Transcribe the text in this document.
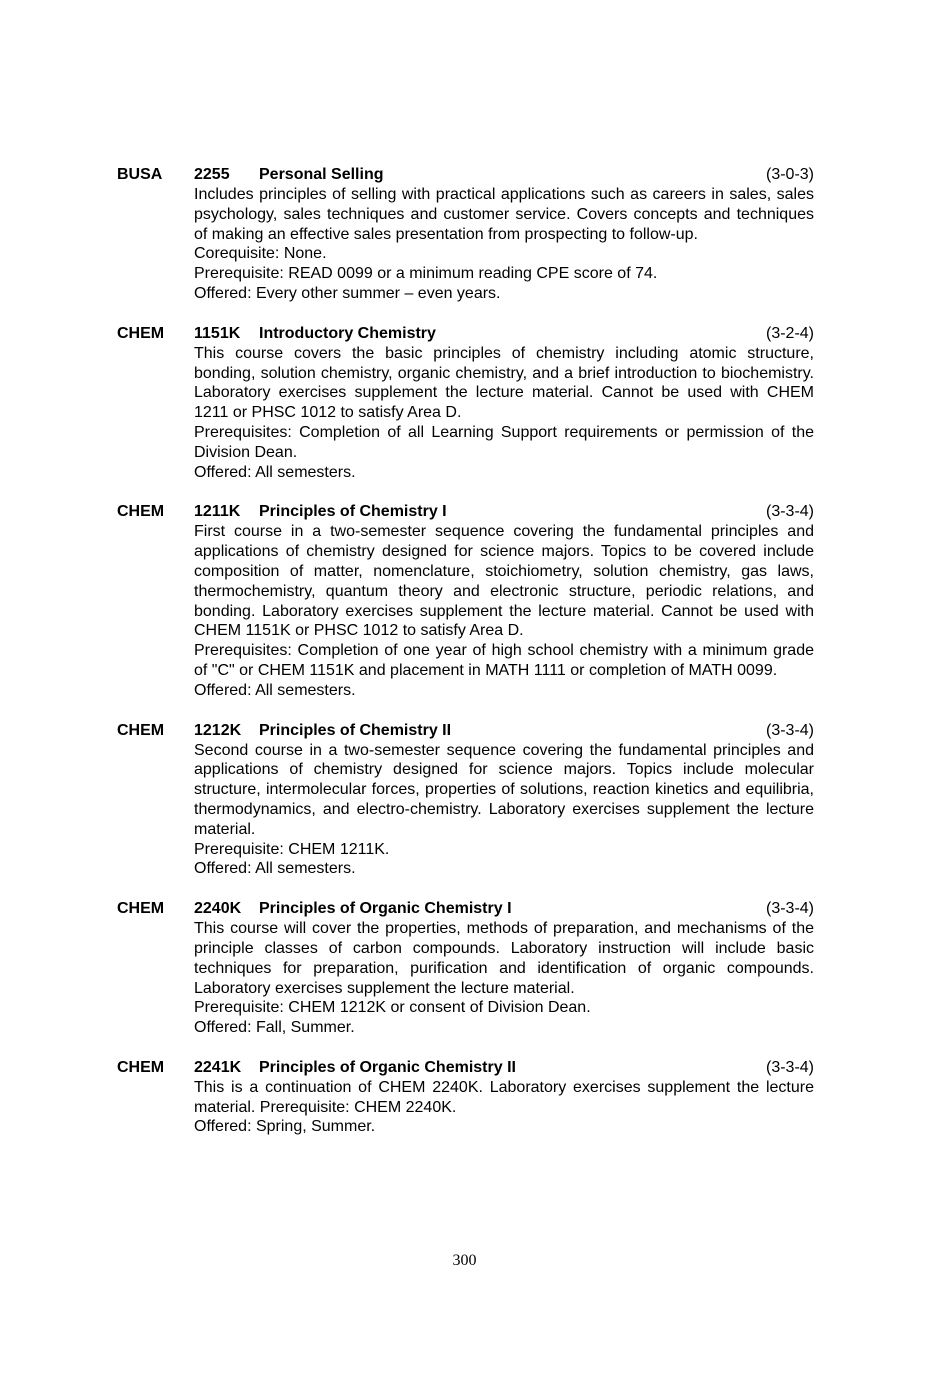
BUSA 2255 Personal Selling	(3-0-3)
Includes principles of selling with practical applications such as careers in sales, sales psychology, sales techniques and customer service. Covers concepts and techniques of making an effective sales presentation from prospecting to follow-up.
Corequisite: None.
Prerequisite: READ 0099 or a minimum reading CPE score of 74.
Offered: Every other summer – even years.
CHEM 1151K Introductory Chemistry	(3-2-4)
This course covers the basic principles of chemistry including atomic structure, bonding, solution chemistry, organic chemistry, and a brief introduction to biochemistry. Laboratory exercises supplement the lecture material. Cannot be used with CHEM 1211 or PHSC 1012 to satisfy Area D.
Prerequisites: Completion of all Learning Support requirements or permission of the Division Dean.
Offered: All semesters.
CHEM 1211K Principles of Chemistry I	(3-3-4)
First course in a two-semester sequence covering the fundamental principles and applications of chemistry designed for science majors. Topics to be covered include composition of matter, nomenclature, stoichiometry, solution chemistry, gas laws, thermochemistry, quantum theory and electronic structure, periodic relations, and bonding. Laboratory exercises supplement the lecture material. Cannot be used with CHEM 1151K or PHSC 1012 to satisfy Area D.
Prerequisites: Completion of one year of high school chemistry with a minimum grade of "C" or CHEM 1151K and placement in MATH 1111 or completion of MATH 0099.
Offered: All semesters.
CHEM 1212K Principles of Chemistry II	(3-3-4)
Second course in a two-semester sequence covering the fundamental principles and applications of chemistry designed for science majors. Topics include molecular structure, intermolecular forces, properties of solutions, reaction kinetics and equilibria, thermodynamics, and electro-chemistry. Laboratory exercises supplement the lecture material.
Prerequisite: CHEM 1211K.
Offered: All semesters.
CHEM 2240K Principles of Organic Chemistry I	(3-3-4)
This course will cover the properties, methods of preparation, and mechanisms of the principle classes of carbon compounds. Laboratory instruction will include basic techniques for preparation, purification and identification of organic compounds. Laboratory exercises supplement the lecture material.
Prerequisite: CHEM 1212K or consent of Division Dean.
Offered: Fall, Summer.
CHEM 2241K Principles of Organic Chemistry II	(3-3-4)
This is a continuation of CHEM 2240K. Laboratory exercises supplement the lecture material. Prerequisite: CHEM 2240K.
Offered: Spring, Summer.
300
